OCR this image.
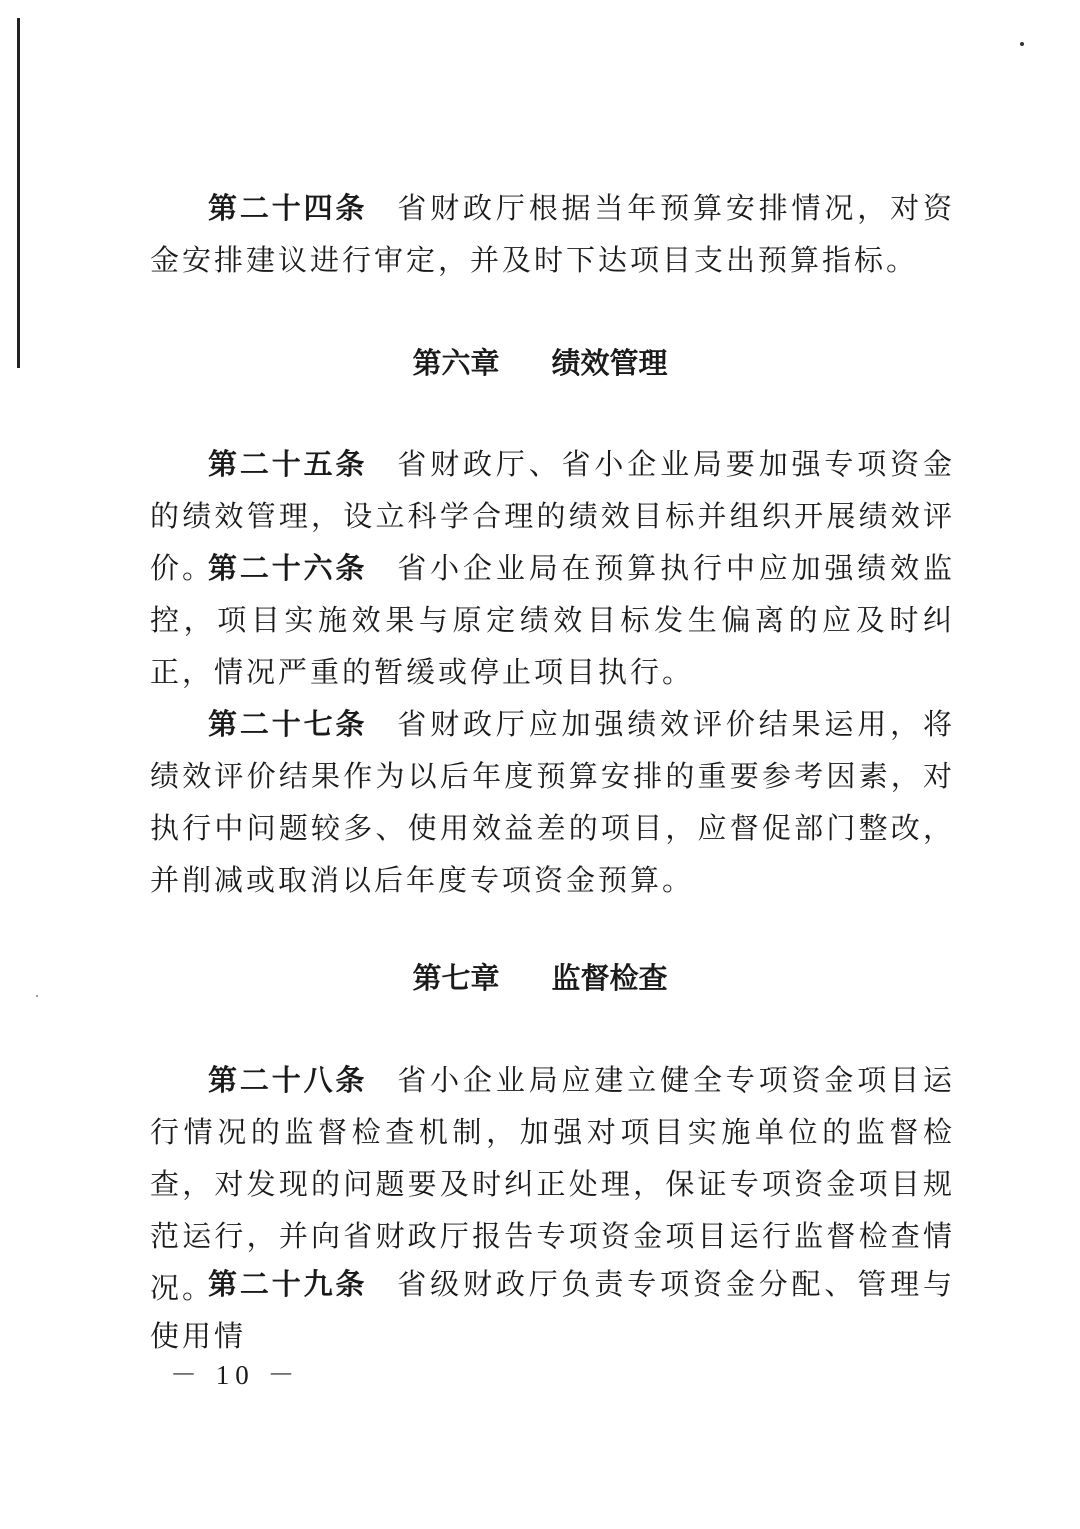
第二十四条 省财政厅根据当年预算安排情况，对资金安排建议进行审定，并及时下达项目支出预算指标。

第六章 绩效管理

第二十五条 省财政厅、省小企业局要加强专项资金的绩效管理，设立科学合理的绩效目标并组织开展绩效评价。

第二十六条 省小企业局在预算执行中应加强绩效监控，项目实施效果与原定绩效目标发生偏离的应及时纠正，情况严重的暂缓或停止项目执行。

第二十七条 省财政厅应加强绩效评价结果运用，将绩效评价结果作为以后年度预算安排的重要参考因素，对执行中问题较多、使用效益差的项目，应督促部门整改，并削减或取消以后年度专项资金预算。

第七章 监督检查

第二十八条 省小企业局应建立健全专项资金项目运行情况的监督检查机制，加强对项目实施单位的监督检查，对发现的问题要及时纠正处理，保证专项资金项目规范运行，并向省财政厅报告专项资金项目运行监督检查情况。

第二十九条 省级财政厅负责专项资金分配、管理与使用情

－ 10 －
